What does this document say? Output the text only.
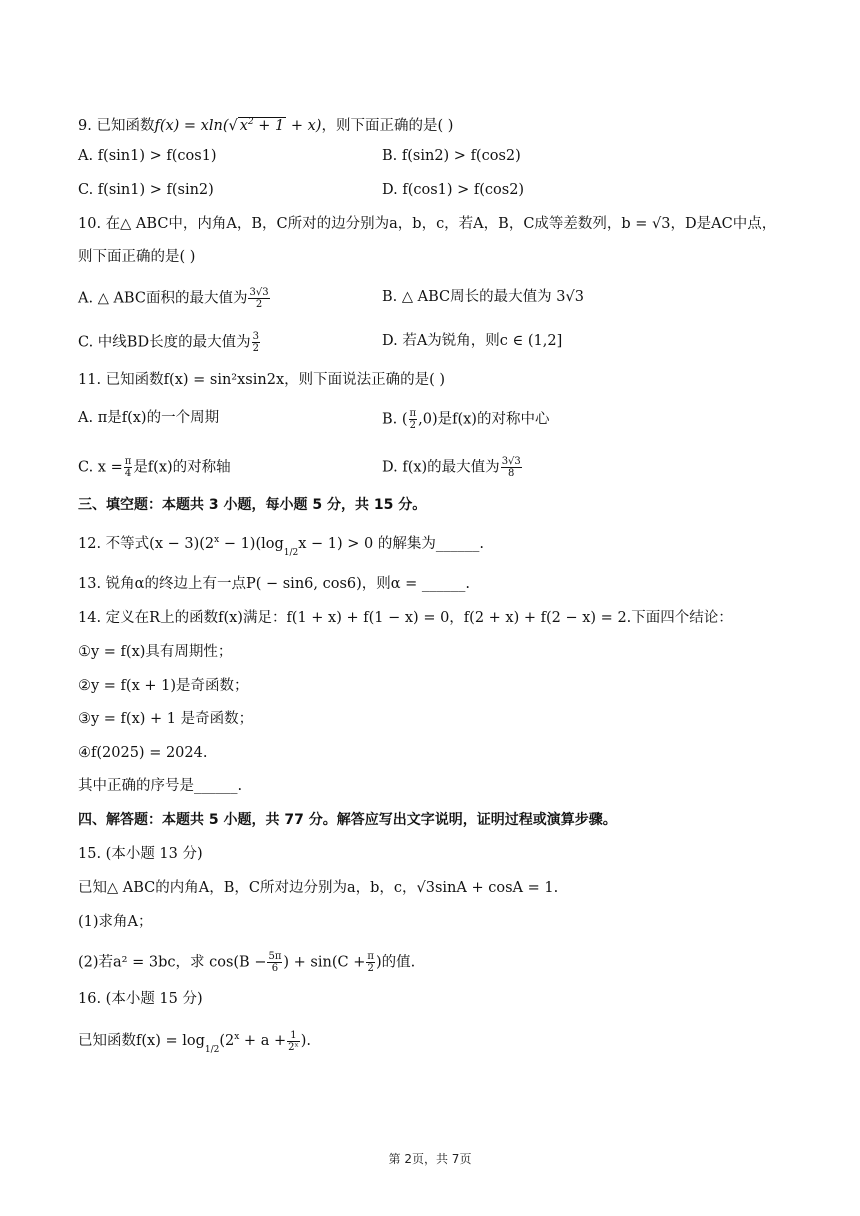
9. 已知函数f(x) = xln(√ $x^2 + 1 + x$)，则下面正确的是( )
A. f(sin1) > f(cos1)	B. f(sin2) > f(cos2)
C. f(sin1) > f(sin2)	D. f(cos1) > f(cos2)
10. 在△ ABC中，内角A，B，C所对的边分别为a，b，c，若A，B，C成等差数列，b = √3，D是AC中点，
则下面正确的是( )
A. △ ABC面积的最大值为 $\frac{3√3}{2}$	B. △ ABC周长的最大值为 3√3
C. 中线BD长度的最大值为 $\frac{3}{2}$	D. 若A为锐角，则c ∈ (1,2]
11. 已知函数f(x) = sin²xsin2x，则下面说法正确的是( )
A. π是f(x)的一个周期	B. ( $\frac{\pi}{2} ,0$)是f(x)的对称中心
C. $x = \frac{\pi}{4}$ 是f(x)的对称轴	D. f(x)的最大值为 $\frac{3√3}{8}$
三、填空题：本题共 3 小题，每小题 5 分，共 15 分。
12. 不等式$(x - 3)(2^x - 1)(\log_{1/2}x - 1) > 0$ 的解集为______.
13. 锐角α的终边上有一点P( − sin6, cos6)，则α = ______.
14. 定义在R上的函数f(x)满足：f(1 + x) + f(1 − x) = 0，f(2 + x) + f(2 − x) = 2.下面四个结论：
①y = f(x)具有周期性；
②y = f(x + 1)是奇函数；
③y = f(x) + 1 是奇函数；
④f(2025) = 2024.
其中正确的序号是______.
四、解答题：本题共 5 小题，共 77 分。解答应写出文字说明，证明过程或演算步骤。
15. (本小题 13 分)
已知△ ABC的内角A，B，C所对边分别为a，b，c，√3sinA + cosA = 1.
(1)求角A；
(2)若a² = 3bc，求 $\cos(B - \frac{5\pi}{6}$ ) + $\sin(C + \frac{\pi}{2}$ )的值.
16. (本小题 15 分)
已知函数$f(x) = \log_{1/2}(2^x + a + \frac{1}{\text{2ˣ}}$ ).
第 2页，共 7页
